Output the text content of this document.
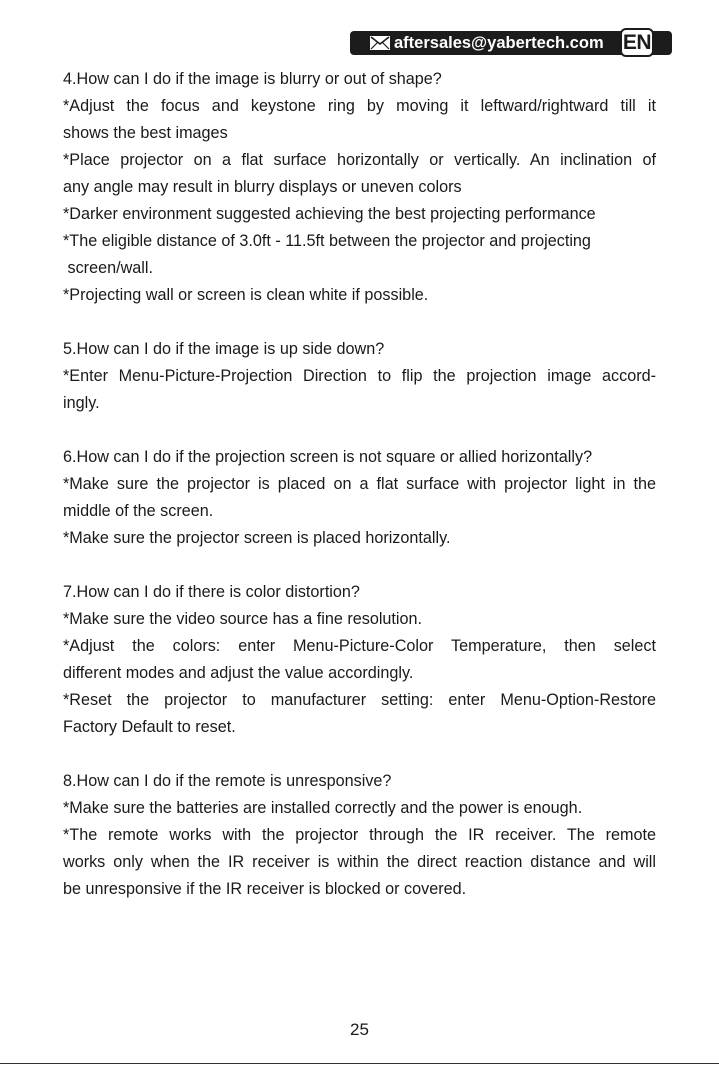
aftersales@yabertech.com EN
4.How can I do if the image is blurry or out of shape?
*Adjust the focus and keystone ring by moving it leftward/rightward till it
shows the best images
*Place projector on a flat surface horizontally or vertically. An inclination of
any angle may result in blurry displays or uneven colors
*Darker environment suggested achieving the best projecting performance
*The eligible distance of 3.0ft - 11.5ft between the projector and projecting
screen/wall.
*Projecting wall or screen is clean white if possible.
5.How can I do if the image is up side down?
*Enter Menu-Picture-Projection Direction to flip the projection image accord-
ingly.
6.How can I do if the projection screen is not square or allied horizontally?
*Make sure the projector is placed on a flat surface with projector light in the
middle of the screen.
*Make sure the projector screen is placed horizontally.
7.How can I do if there is color distortion?
*Make sure the video source has a fine resolution.
*Adjust the colors: enter Menu-Picture-Color Temperature, then select
different modes and adjust the value accordingly.
*Reset the projector to manufacturer setting: enter Menu-Option-Restore
Factory Default to reset.
8.How can I do if the remote is unresponsive?
*Make sure the batteries are installed correctly and the power is enough.
*The remote works with the projector through the IR receiver. The remote
works only when the IR receiver is within the direct reaction distance and will
be unresponsive if the IR receiver is blocked or covered.
25
